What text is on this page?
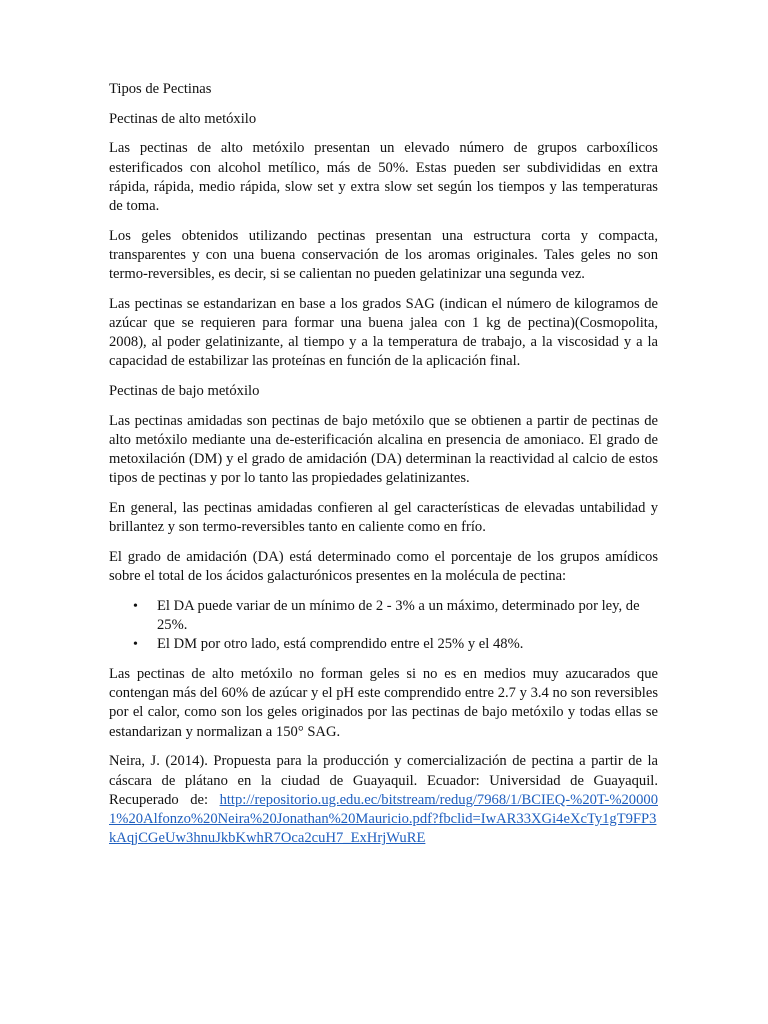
Tipos de Pectinas

Pectinas de alto metóxilo

Las pectinas de alto metóxilo presentan un elevado número de grupos carboxílicos esterificados con alcohol metílico, más de 50%. Estas pueden ser subdivididas en extra rápida, rápida, medio rápida, slow set y extra slow set según los tiempos y las temperaturas de toma.

Los geles obtenidos utilizando pectinas presentan una estructura corta y compacta, transparentes y con una buena conservación de los aromas originales. Tales geles no son termo-reversibles, es decir, si se calientan no pueden gelatinizar una segunda vez.

Las pectinas se estandarizan en base a los grados SAG (indican el número de kilogramos de azúcar que se requieren para formar una buena jalea con 1 kg de pectina)(Cosmopolita, 2008), al poder gelatinizante, al tiempo y a la temperatura de trabajo, a la viscosidad y a la capacidad de estabilizar las proteínas en función de la aplicación final.

Pectinas de bajo metóxilo

Las pectinas amidadas son pectinas de bajo metóxilo que se obtienen a partir de pectinas de alto metóxilo mediante una de-esterificación alcalina en presencia de amoniaco. El grado de metoxilación (DM) y el grado de amidación (DA) determinan la reactividad al calcio de estos tipos de pectinas y por lo tanto las propiedades gelatinizantes.

En general, las pectinas amidadas confieren al gel características de elevadas untabilidad y brillantez y son termo-reversibles tanto en caliente como en frío.

El grado de amidación (DA) está determinado como el porcentaje de los grupos amídicos sobre el total de los ácidos galacturónicos presentes en la molécula de pectina:

• El DA puede variar de un mínimo de 2 - 3% a un máximo, determinado por ley, de 25%.
• El DM por otro lado, está comprendido entre el 25% y el 48%.

Las pectinas de alto metóxilo no forman geles si no es en medios muy azucarados que contengan más del 60% de azúcar y el pH este comprendido entre 2.7 y 3.4 no son reversibles por el calor, como son los geles originados por las pectinas de bajo metóxilo y todas ellas se estandarizan y normalizan a 150° SAG.

Neira, J. (2014). Propuesta para la producción y comercialización de pectina a partir de la cáscara de plátano en la ciudad de Guayaquil. Ecuador: Universidad de Guayaquil. Recuperado de: http://repositorio.ug.edu.ec/bitstream/redug/7968/1/BCIEQ-%20T-%200001%20Alfonzo%20Neira%20Jonathan%20Mauricio.pdf?fbclid=IwAR33XGi4eXcTy1gT9FP3kAqjCGeUw3hnuJkbKwhR7Oca2cuH7_ExHrjWuRE
